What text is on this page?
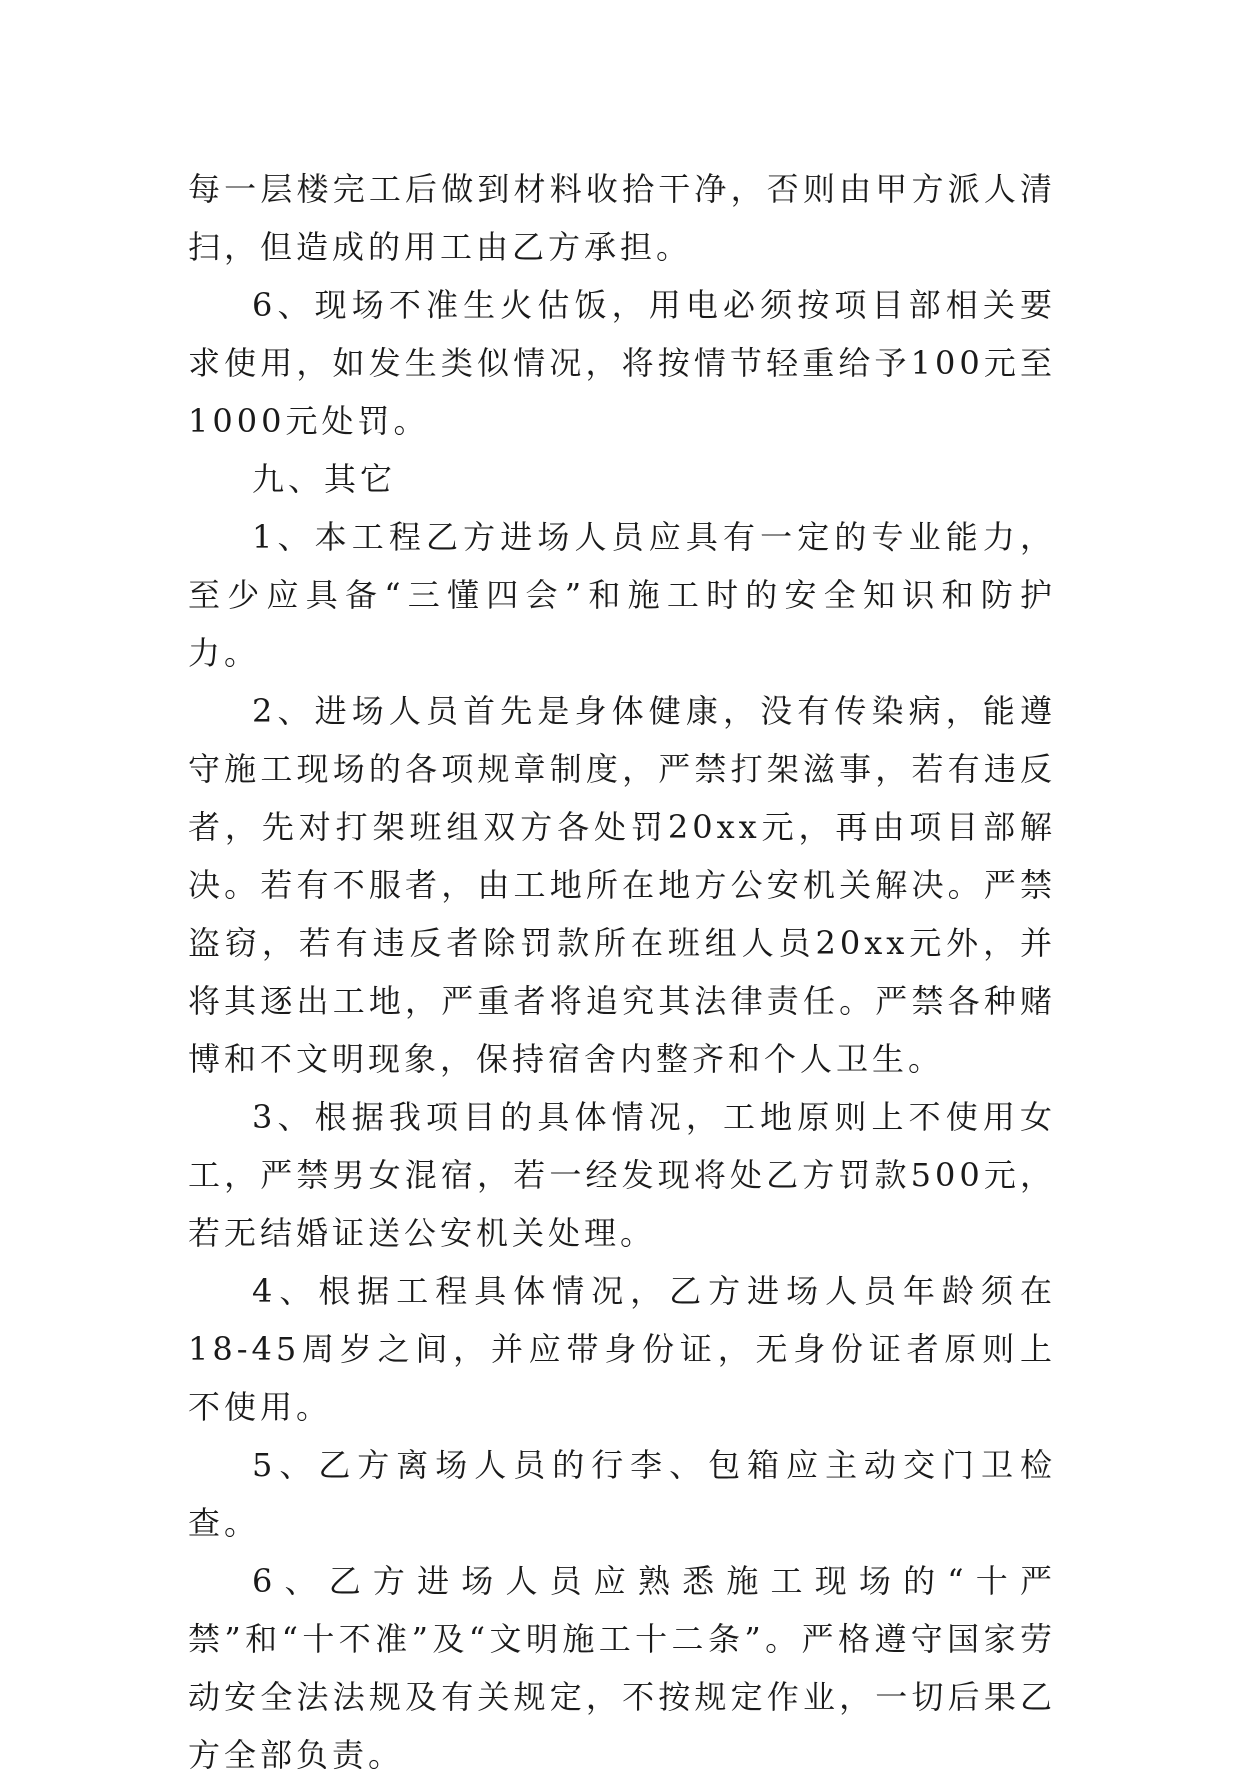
每一层楼完工后做到材料收拾干净，否则由甲方派人清扫，但造成的用工由乙方承担。

6、现场不准生火估饭，用电必须按项目部相关要求使用，如发生类似情况，将按情节轻重给予100元至1000元处罚。

九、其它

1、本工程乙方进场人员应具有一定的专业能力，至少应具备“三懂四会”和施工时的安全知识和防护力。

2、进场人员首先是身体健康，没有传染病，能遵守施工现场的各项规章制度，严禁打架滋事，若有违反者，先对打架班组双方各处罚20xx元，再由项目部解决。若有不服者，由工地所在地方公安机关解决。严禁盗窃，若有违反者除罚款所在班组人员20xx元外，并将其逐出工地，严重者将追究其法律责任。严禁各种赌博和不文明现象，保持宿舍内整齐和个人卫生。

3、根据我项目的具体情况，工地原则上不使用女工，严禁男女混宿，若一经发现将处乙方罚款500元，若无结婚证送公安机关处理。

4、根据工程具体情况，乙方进场人员年龄须在18-45周岁之间，并应带身份证，无身份证者原则上不使用。

5、乙方离场人员的行李、包箱应主动交门卫检查。

6、乙方进场人员应熟悉施工现场的“十严禁”和“十不准”及“文明施工十二条”。严格遵守国家劳动安全法法规及有关规定，不按规定作业，一切后果乙方全部负责。
